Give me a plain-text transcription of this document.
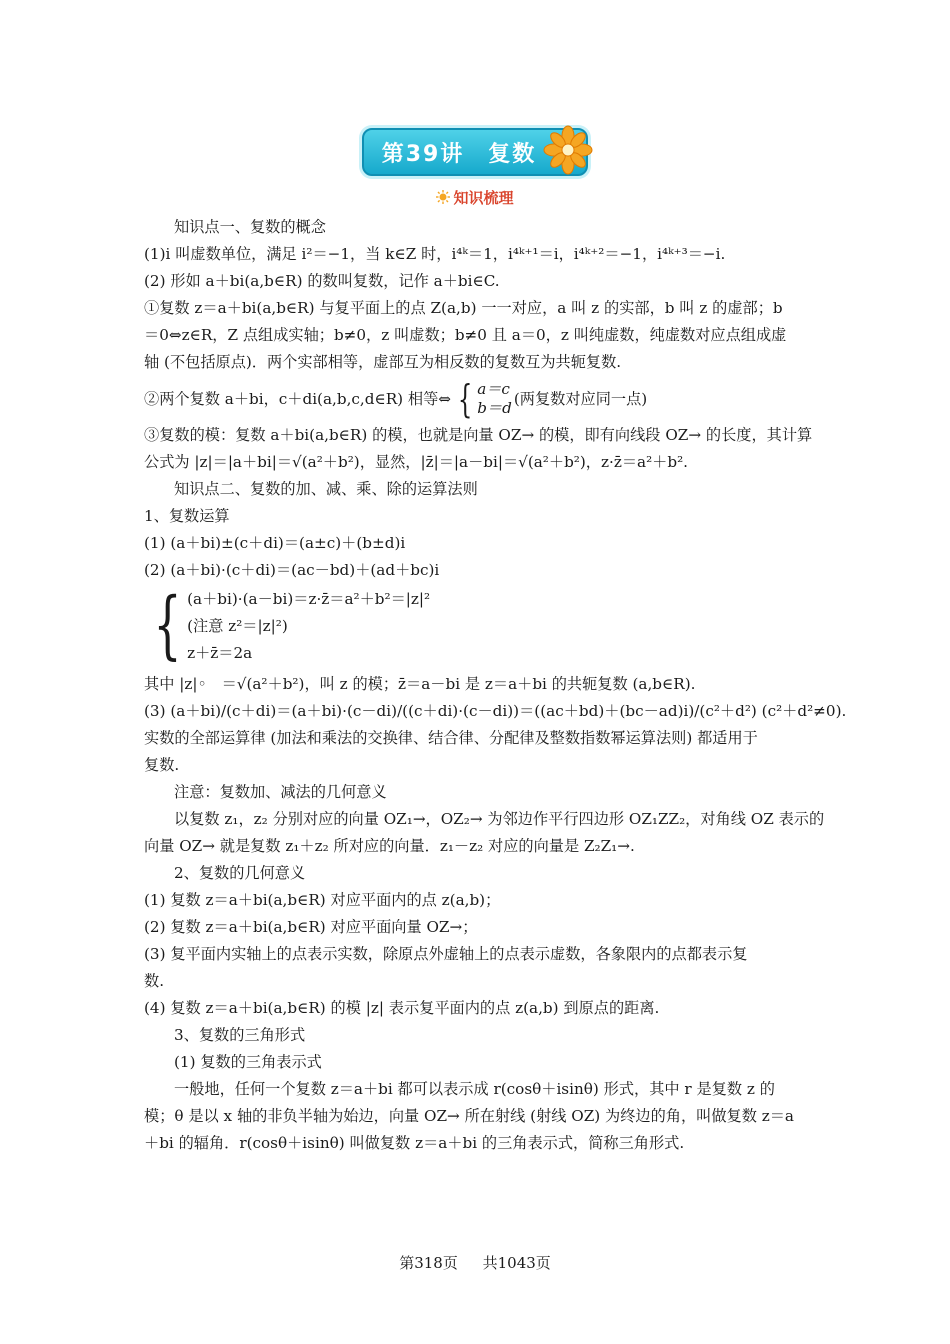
第39讲　复数
知识梳理
知识点一、复数的概念
(1)i 叫虚数单位，满足 i²＝−1，当 k∈Z 时，i⁴ᵏ＝1，i⁴ᵏ⁺¹＝i，i⁴ᵏ⁺²＝−1，i⁴ᵏ⁺³＝−i.
(2) 形如 a＋bi(a,b∈R) 的数叫复数，记作 a＋bi∈C.
①复数 z＝a＋bi(a,b∈R) 与复平面上的点 Z(a,b) 一一对应，a 叫 z 的实部，b 叫 z 的虚部；b
＝0⇔z∈R，Z 点组成实轴；b≠0，z 叫虚数；b≠0 且 a＝0，z 叫纯虚数，纯虚数对应点组成虚
轴 (不包括原点)．两个实部相等，虚部互为相反数的复数互为共轭复数.
②两个复数 a＋bi，c＋di(a,b,c,d∈R) 相等⇔ { a＝c
b＝d
(两复数对应同一点)
③复数的模：复数 a＋bi(a,b∈R) 的模，也就是向量 OZ→ 的模，即有向线段 OZ→ 的长度，其计算
公式为 |z|＝|a＋bi|＝√(a²＋b²)，显然，|z̄|＝|a－bi|＝√(a²＋b²)，z·z̄＝a²＋b².
知识点二、复数的加、减、乘、除的运算法则
1、复数运算
(1) (a＋bi)±(c＋di)＝(a±c)＋(b±d)i
(2) (a＋bi)·(c＋di)＝(ac－bd)＋(ad＋bc)i
{ (a＋bi)·(a－bi)＝z·z̄＝a²＋b²＝|z|²
(注意 z²＝|z|²)
z＋z̄＝2a
其中 |z|◦　＝√(a²＋b²)，叫 z 的模；z̄＝a－bi 是 z＝a＋bi 的共轭复数 (a,b∈R).
(3) (a＋bi)/(c＋di)＝(a＋bi)·(c－di)/((c＋di)·(c－di))＝((ac＋bd)＋(bc－ad)i)/(c²＋d²) (c²＋d²≠0).
实数的全部运算律 (加法和乘法的交换律、结合律、分配律及整数指数幂运算法则) 都适用于
复数.
注意：复数加、减法的几何意义
以复数 z₁，z₂ 分别对应的向量 OZ₁→，OZ₂→ 为邻边作平行四边形 OZ₁ZZ₂，对角线 OZ 表示的
向量 OZ→ 就是复数 z₁＋z₂ 所对应的向量．z₁－z₂ 对应的向量是 Z₂Z₁→.
2、复数的几何意义
(1) 复数 z＝a＋bi(a,b∈R) 对应平面内的点 z(a,b)；
(2) 复数 z＝a＋bi(a,b∈R) 对应平面向量 OZ→；
(3) 复平面内实轴上的点表示实数，除原点外虚轴上的点表示虚数，各象限内的点都表示复
数.
(4) 复数 z＝a＋bi(a,b∈R) 的模 |z| 表示复平面内的点 z(a,b) 到原点的距离.
3、复数的三角形式
(1) 复数的三角表示式
一般地，任何一个复数 z＝a＋bi 都可以表示成 r(cosθ＋isinθ) 形式，其中 r 是复数 z 的
模；θ 是以 x 轴的非负半轴为始边，向量 OZ→ 所在射线 (射线 OZ) 为终边的角，叫做复数 z＝a
＋bi 的辐角．r(cosθ＋isinθ) 叫做复数 z＝a＋bi 的三角表示式，简称三角形式.
第318页 共1043页
